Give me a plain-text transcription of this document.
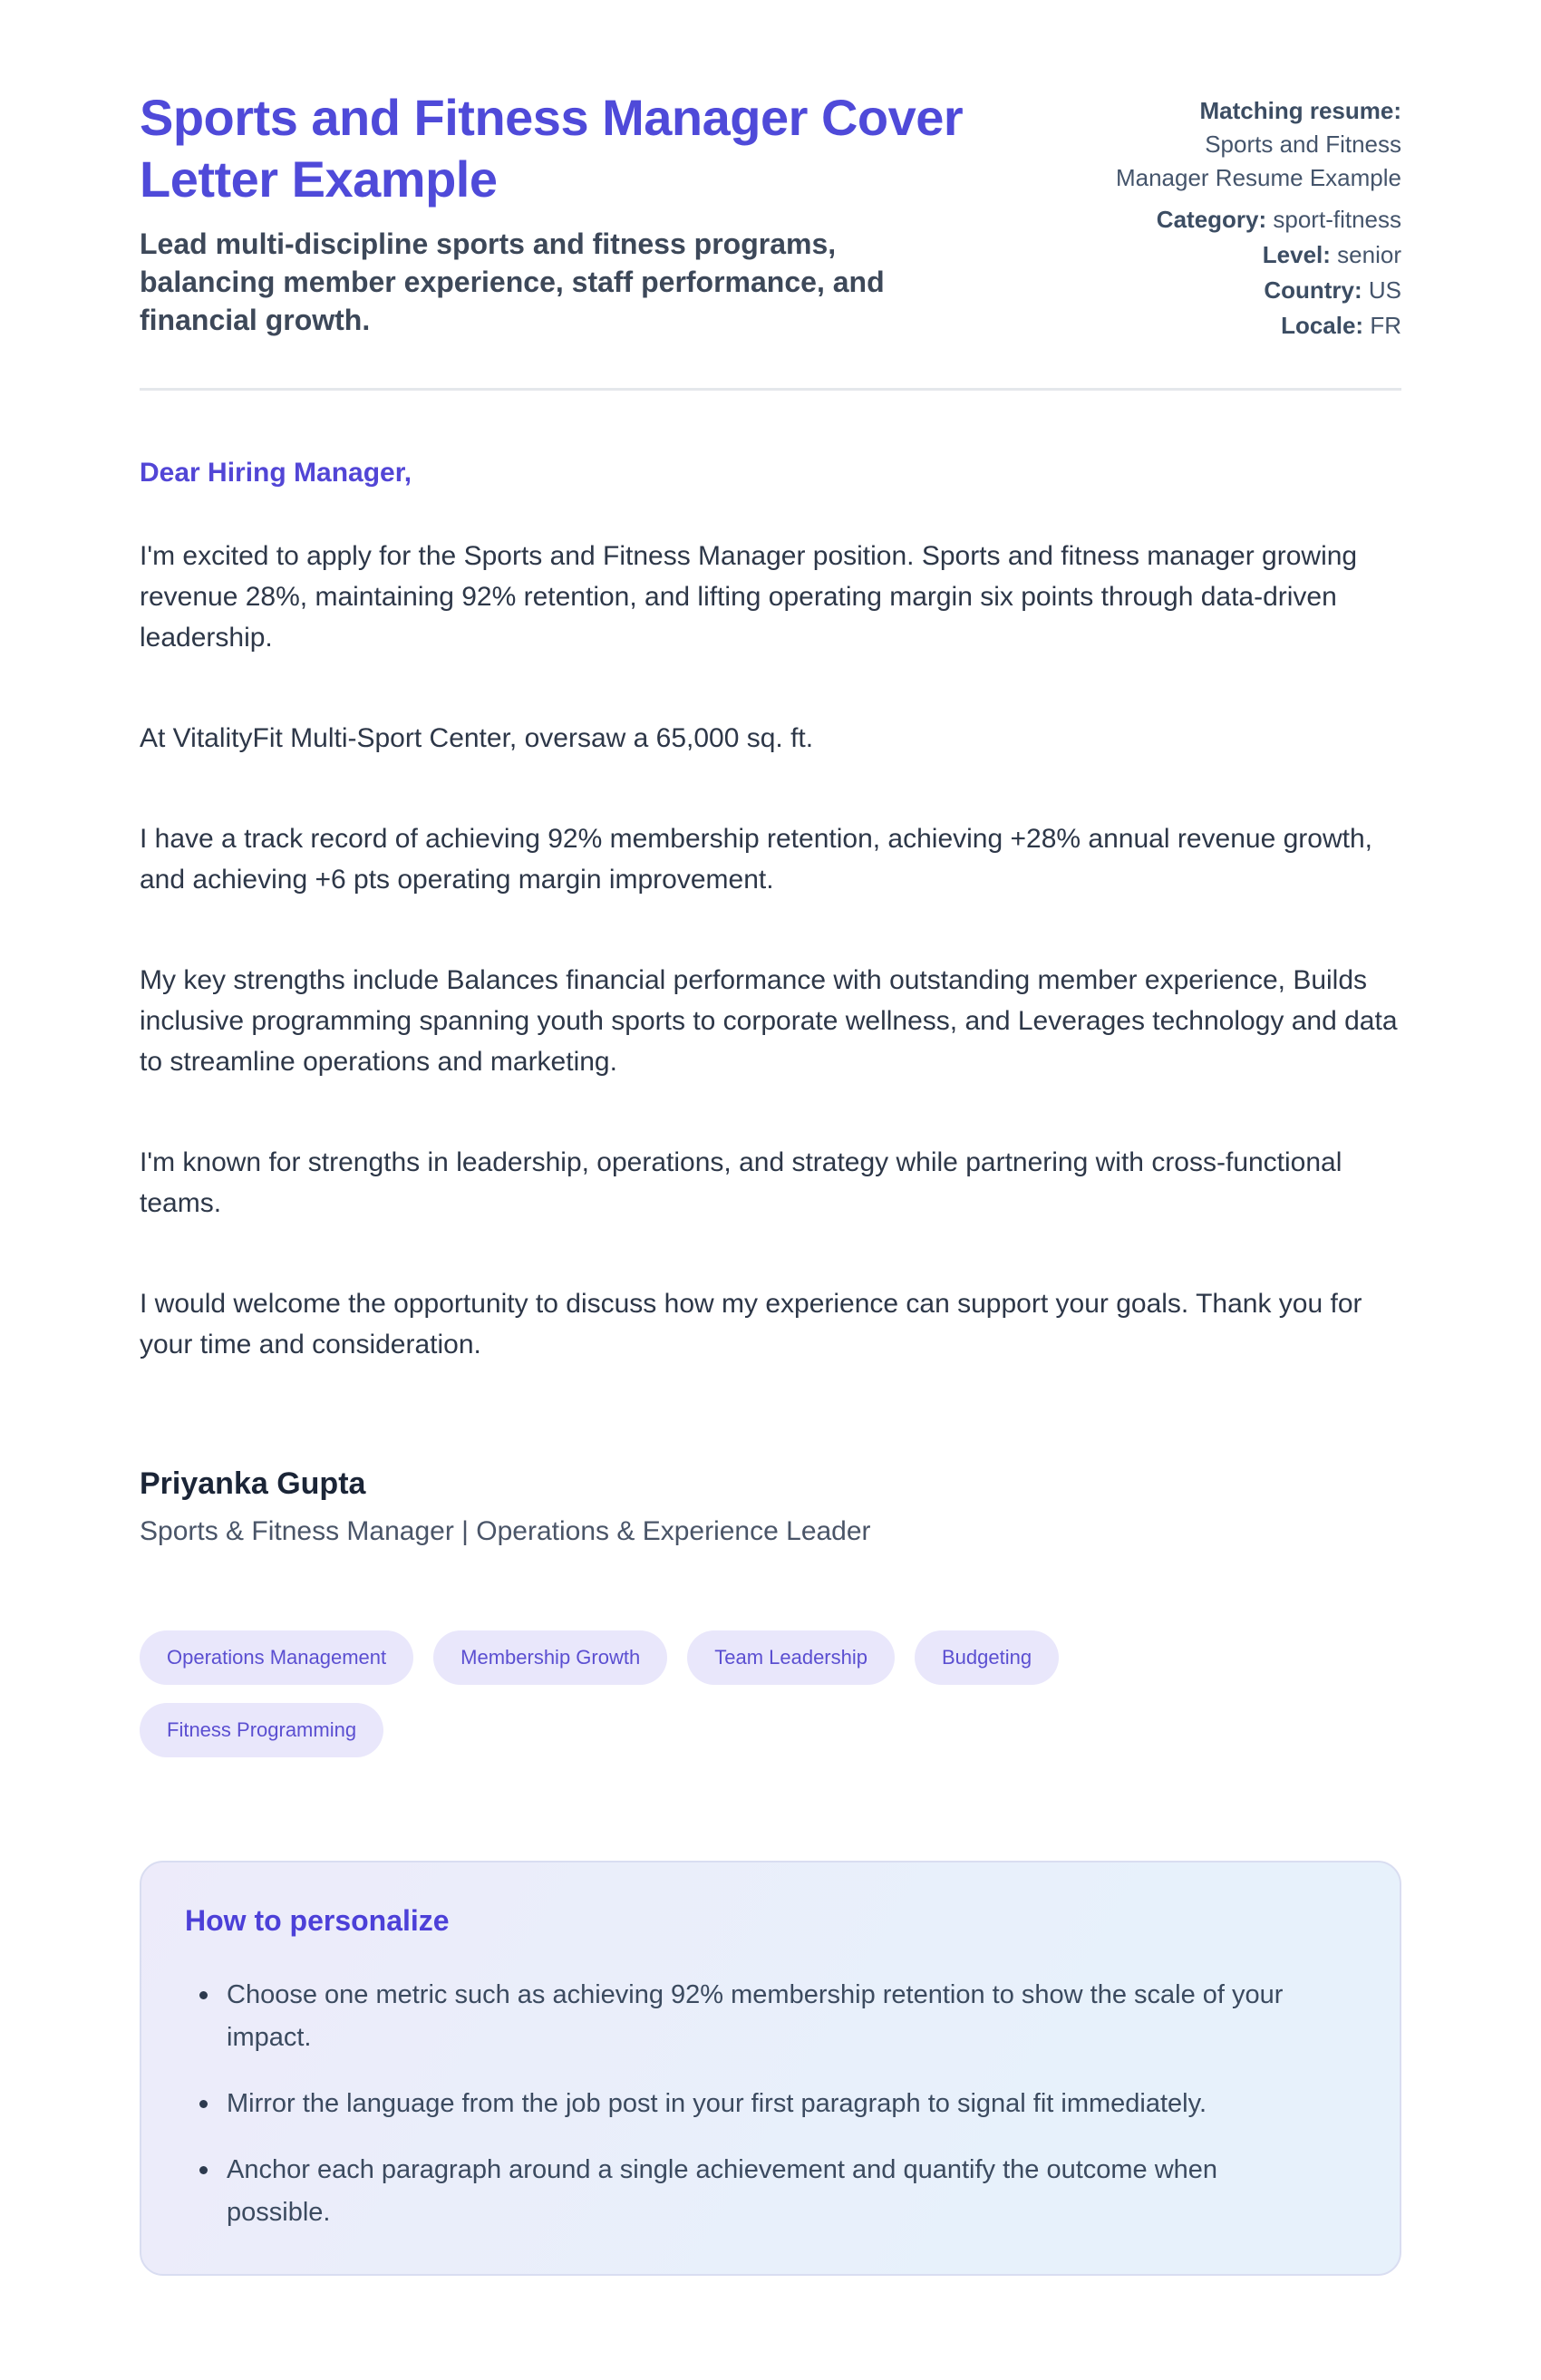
Sports and Fitness Manager Cover Letter Example
Lead multi-discipline sports and fitness programs, balancing member experience, staff performance, and financial growth.
Matching resume:
Sports and Fitness Manager Resume Example
Category: sport-fitness
Level: senior
Country: US
Locale: FR
Dear Hiring Manager,

I'm excited to apply for the Sports and Fitness Manager position. Sports and fitness manager growing revenue 28%, maintaining 92% retention, and lifting operating margin six points through data-driven leadership.

At VitalityFit Multi-Sport Center, oversaw a 65,000 sq. ft.

I have a track record of achieving 92% membership retention, achieving +28% annual revenue growth, and achieving +6 pts operating margin improvement.

My key strengths include Balances financial performance with outstanding member experience, Builds inclusive programming spanning youth sports to corporate wellness, and Leverages technology and data to streamline operations and marketing.

I'm known for strengths in leadership, operations, and strategy while partnering with cross-functional teams.

I would welcome the opportunity to discuss how my experience can support your goals. Thank you for your time and consideration.

Priyanka Gupta
Sports & Fitness Manager | Operations & Experience Leader
Operations Management	Membership Growth	Team Leadership	Budgeting
Fitness Programming
How to personalize
Choose one metric such as achieving 92% membership retention to show the scale of your impact.
Mirror the language from the job post in your first paragraph to signal fit immediately.
Anchor each paragraph around a single achievement and quantify the outcome when possible.
